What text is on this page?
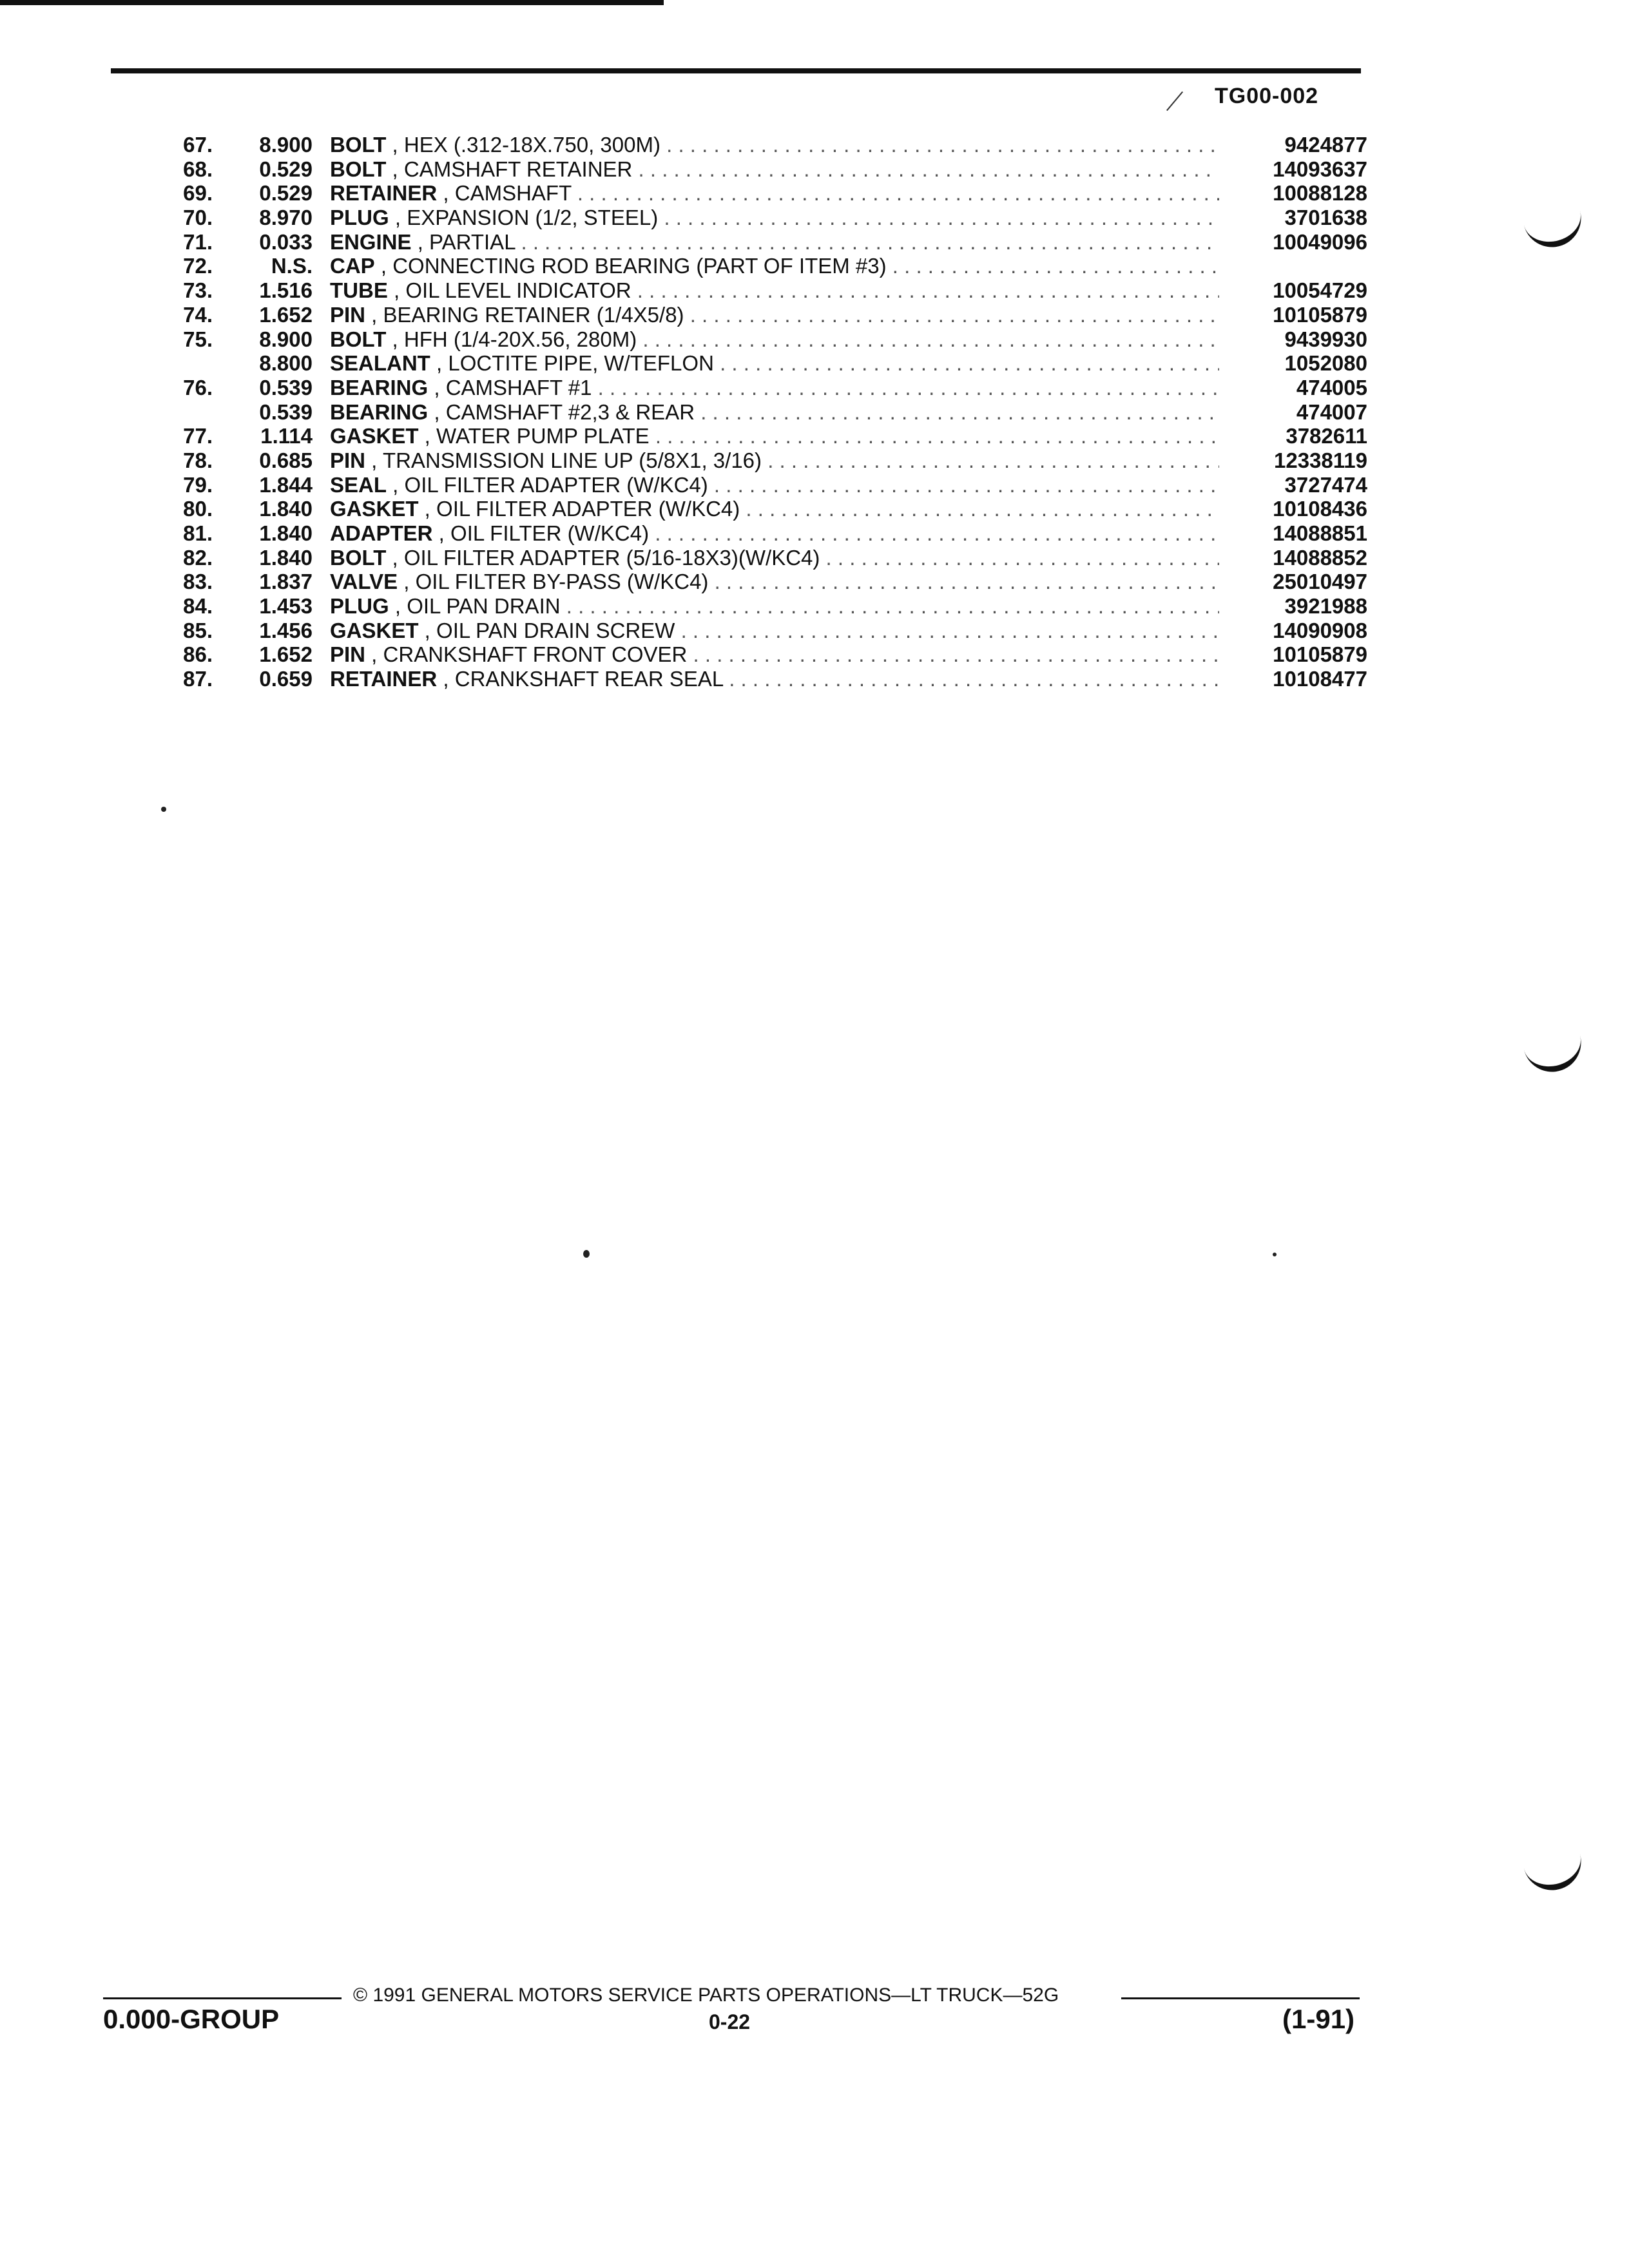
TG00-002
67.	8.900 BOLT , HEX (.312-18X.750, 300M) . . .	9424877
68.	0.529 BOLT , CAMSHAFT RETAINER . . .	14093637
69.	0.529 RETAINER , CAMSHAFT . . .	10088128
70.	8.970 PLUG , EXPANSION (1/2, STEEL) . . .	3701638
71.	0.033 ENGINE , PARTIAL . . .	10049096
72.	N.S. CAP , CONNECTING ROD BEARING (PART OF ITEM #3) . . .
73.	1.516 TUBE , OIL LEVEL INDICATOR . . .	10054729
74.	1.652 PIN , BEARING RETAINER (1/4X5/8) . . .	10105879
75.	8.900 BOLT , HFH (1/4-20X.56, 280M) . . .	9439930
8.800 SEALANT , LOCTITE PIPE, W/TEFLON . . .	1052080
76.	0.539 BEARING , CAMSHAFT #1 . . .	474005
0.539 BEARING , CAMSHAFT #2,3 & REAR . . .	474007
77.	1.114 GASKET , WATER PUMP PLATE . . .	3782611
78.	0.685 PIN , TRANSMISSION LINE UP (5/8X1, 3/16) . . .	12338119
79.	1.844 SEAL , OIL FILTER ADAPTER (W/KC4) . . .	3727474
80.	1.840 GASKET , OIL FILTER ADAPTER (W/KC4) . . .	10108436
81.	1.840 ADAPTER , OIL FILTER (W/KC4) . . .	14088851
82.	1.840 BOLT , OIL FILTER ADAPTER (5/16-18X3)(W/KC4) . . .	14088852
83.	1.837 VALVE , OIL FILTER BY-PASS (W/KC4) . . .	25010497
84.	1.453 PLUG , OIL PAN DRAIN . . .	3921988
85.	1.456 GASKET , OIL PAN DRAIN SCREW . . .	14090908
86.	1.652 PIN , CRANKSHAFT FRONT COVER . . .	10105879
87.	0.659 RETAINER , CRANKSHAFT REAR SEAL . . .	10108477
© 1991 GENERAL MOTORS SERVICE PARTS OPERATIONS—LT TRUCK—52G
0.000-GROUP	0-22	(1-91)
